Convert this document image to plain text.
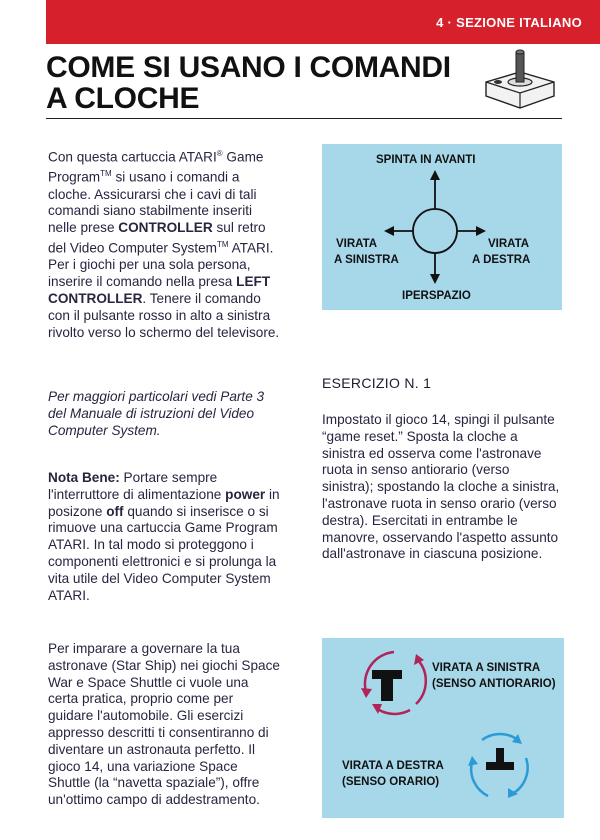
4 · SEZIONE ITALIANO
COME SI USANO I COMANDI
A CLOCHE

Con questa cartuccia ATARI® Game Program™ si usano i comandi a cloche. Assicurarsi che i cavi di tali comandi siano stabilmente inseriti nelle prese CONTROLLER sul retro del Video Computer System™ ATARI. Per i giochi per una sola persona, inserire il comando nella presa LEFT CONTROLLER. Tenere il comando con il pulsante rosso in alto a sinistra rivolto verso lo schermo del televisore.

SPINTA IN AVANTI
VIRATA
A SINISTRA
VIRATA
A DESTRA
IPERSPAZIO

Per maggiori particolari vedi Parte 3 del Manuale di istruzioni del Video Computer System.

ESERCIZIO N. 1

Impostato il gioco 14, spingi il pulsante “game reset.” Sposta la cloche a sinistra ed osserva come l'astronave ruota in senso antiorario (verso sinistra); spostando la cloche a sinistra, l'astronave ruota in senso orario (verso destra). Esercitati in entrambe le manovre, osservando l'aspetto assunto dall'astronave in ciascuna posizione.

Nota Bene: Portare sempre l'interruttore di alimentazione power in posizone off quando si inserisce o si rimuove una cartuccia Game Program ATARI. In tal modo si proteggono i componenti elettronici e si prolunga la vita utile del Video Computer System ATARI.

Per imparare a governare la tua astronave (Star Ship) nei giochi Space War e Space Shuttle ci vuole una certa pratica, proprio come per guidare l'automobile. Gli esercizi appresso descritti ti consentiranno di diventare un astronauta perfetto. Il gioco 14, una variazione Space Shuttle (la “navetta spaziale”), offre un'ottimo campo di addestramento.

VIRATA A SINISTRA
(SENSO ANTIORARIO)
VIRATA A DESTRA
(SENSO ORARIO)
